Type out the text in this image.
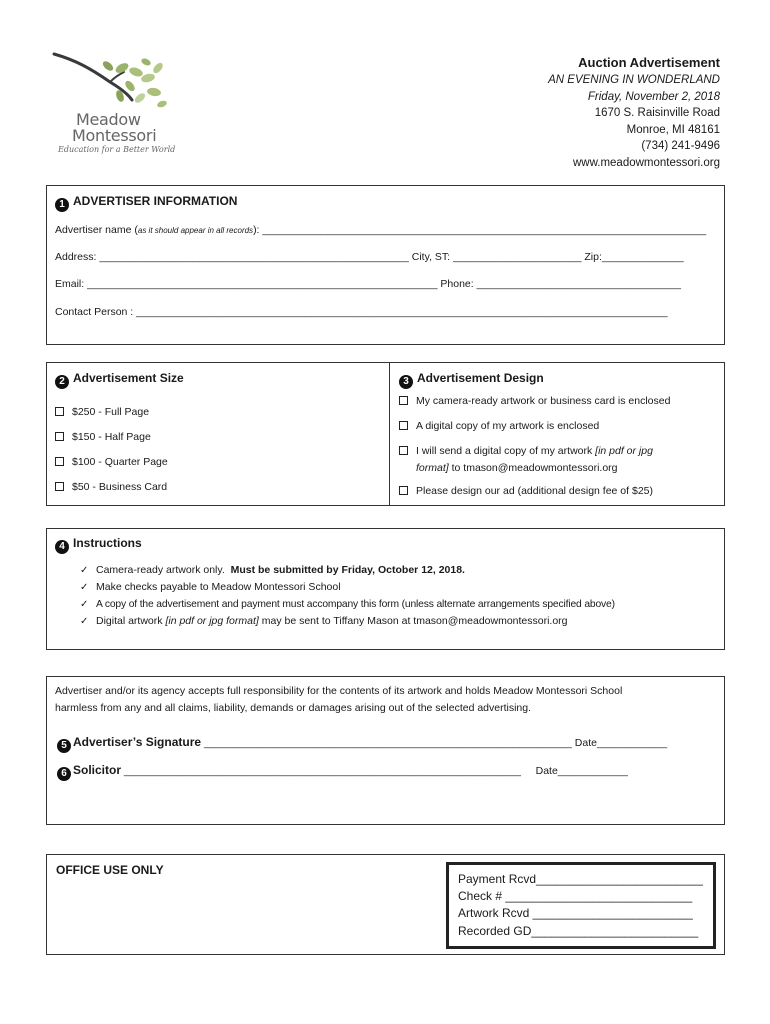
Meadow
Montessori
Education for a Better World
Auction Advertisement
AN EVENING IN WONDERLAND
Friday, November 2, 2018
1670 S. Raisinville Road
Monroe, MI 48161
(734) 241-9496
www.meadowmontessori.org
1 ADVERTISER INFORMATION
Advertiser name (as it should appear in all records): ____________________________________________________________________________
Address: _____________________________________________________ City, ST: ______________________ Zip:______________
Email: ____________________________________________________________ Phone: ___________________________________
Contact Person : ___________________________________________________________________________________________
2 Advertisement Size
$250 - Full Page
$150 - Half Page
$100 - Quarter Page
$50 - Business Card
3 Advertisement Design
My camera-ready artwork or business card is enclosed
A digital copy of my artwork is enclosed
I will send a digital copy of my artwork [in pdf or jpg
format] to tmason@meadowmontessori.org
Please design our ad (additional design fee of $25)
4 Instructions
✓ Camera-ready artwork only.  Must be submitted by Friday, October 12, 2018.
✓ Make checks payable to Meadow Montessori School
✓ A copy of the advertisement and payment must accompany this form (unless alternate arrangements specified above)
✓ Digital artwork [in pdf or jpg format] may be sent to Tiffany Mason at tmason@meadowmontessori.org
Advertiser and/or its agency accepts full responsibility for the contents of its artwork and holds Meadow Montessori School
harmless from any and all claims, liability, demands or damages arising out of the selected advertising.
5 Advertiser’s Signature _______________________________________________________________ Date____________
6 Solicitor ____________________________________________________________________     Date____________
OFFICE USE ONLY
Payment Rcvd_________________________
Check # ____________________________
Artwork Rcvd ________________________
Recorded GD_________________________
